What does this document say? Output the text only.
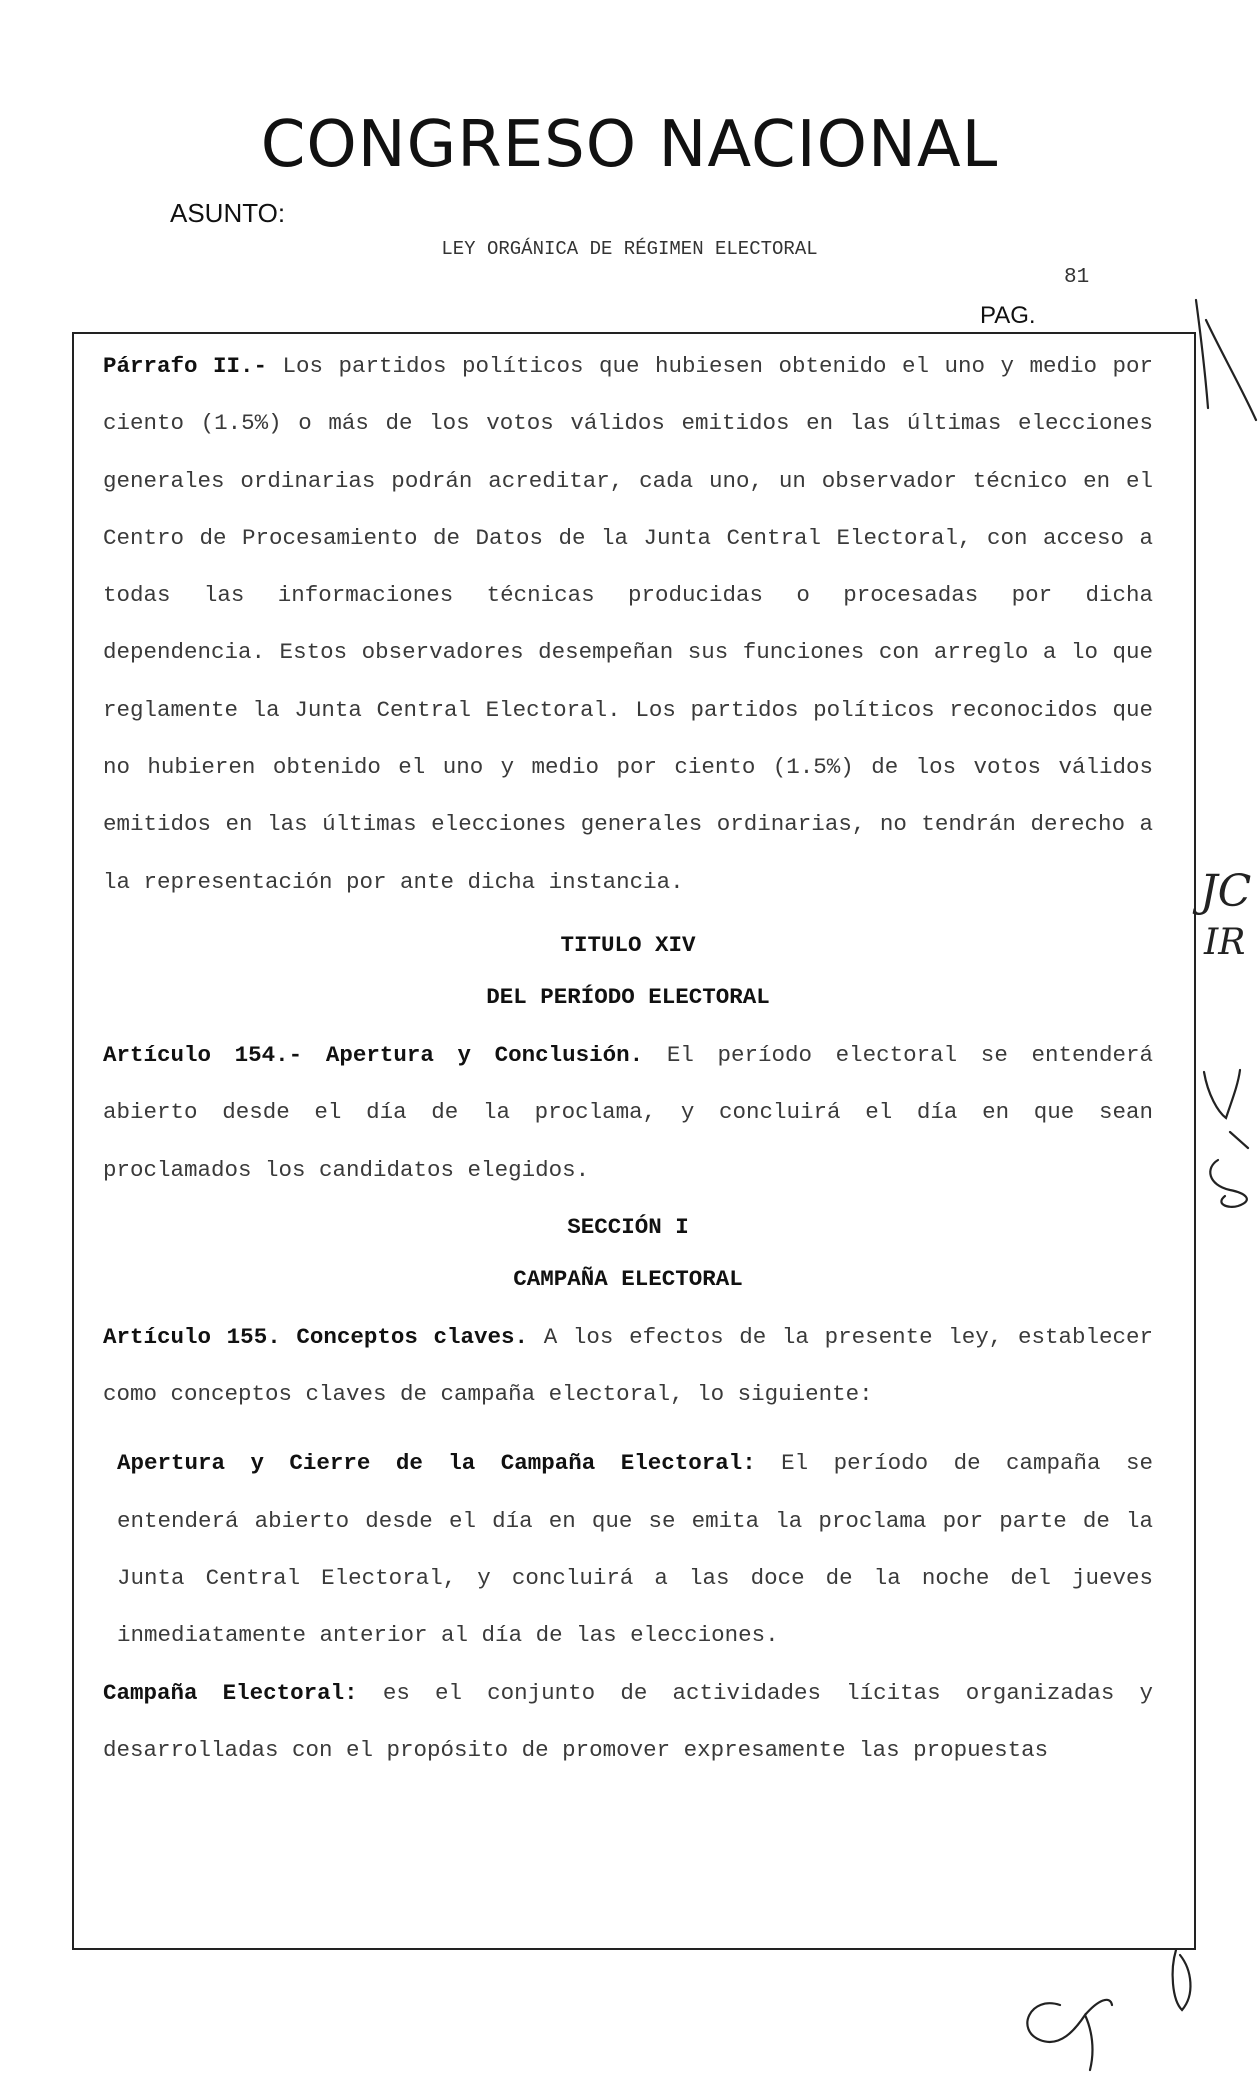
CONGRESO NACIONAL
ASUNTO:
LEY ORGÁNICA DE RÉGIMEN ELECTORAL
81
PAG.

Párrafo II.- Los partidos políticos que hubiesen obtenido el uno y medio por ciento (1.5%) o más de los votos válidos emitidos en las últimas elecciones generales ordinarias podrán acreditar, cada uno, un observador técnico en el Centro de Procesamiento de Datos de la Junta Central Electoral, con acceso a todas las informaciones técnicas producidas o procesadas por dicha dependencia. Estos observadores desempeñan sus funciones con arreglo a lo que reglamente la Junta Central Electoral. Los partidos políticos reconocidos que no hubieren obtenido el uno y medio por ciento (1.5%) de los votos válidos emitidos en las últimas elecciones generales ordinarias, no tendrán derecho a la representación por ante dicha instancia.

TITULO XIV

DEL PERÍODO ELECTORAL

Artículo 154.- Apertura y Conclusión. El período electoral se entenderá abierto desde el día de la proclama, y concluirá el día en que sean proclamados los candidatos elegidos.

SECCIÓN I

CAMPAÑA ELECTORAL

Artículo 155. Conceptos claves. A los efectos de la presente ley, establecer como conceptos claves de campaña electoral, lo siguiente:

Apertura y Cierre de la Campaña Electoral: El período de campaña se entenderá abierto desde el día en que se emita la proclama por parte de la Junta Central Electoral, y concluirá a las doce de la noche del jueves inmediatamente anterior al día de las elecciones.

Campaña Electoral: es el conjunto de actividades lícitas organizadas y desarrolladas con el propósito de promover expresamente las propuestas

JC
IR
